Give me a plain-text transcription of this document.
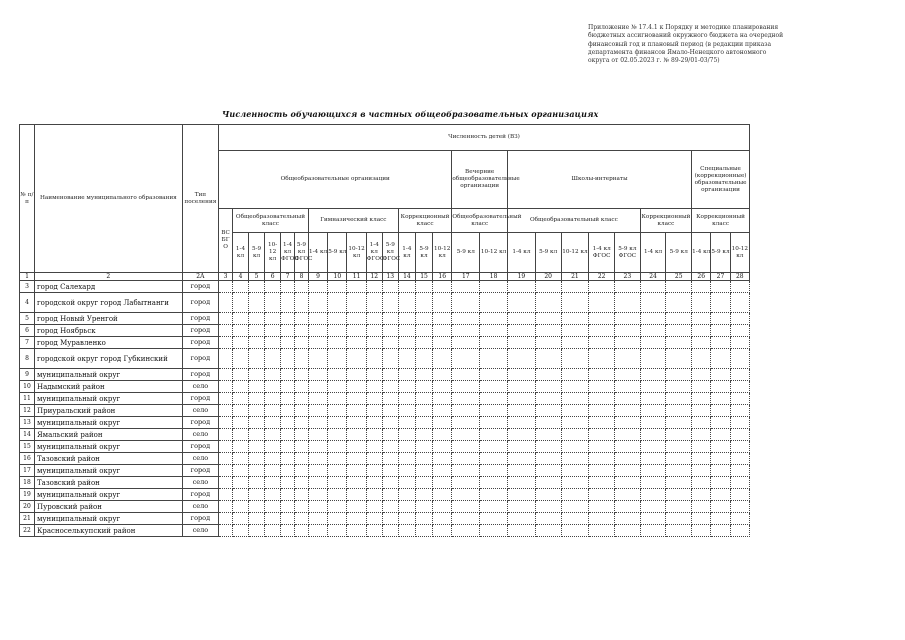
Приложение № 17.4.1 к Порядку и методике планирования бюджетных ассигнований окружного бюджета на очередной финансовый год и плановый период (в редакции приказа департамента финансов Ямало-Ненецкого автономного округа от 02.05.2023 г. № 89-29/01-03/75)
Численность обучающихся в частных общеобразовательных организациях
№ п/п	Наименование муниципального образования	Тип поселения	Численность детей (ВЗ)																									
			Общеобразовательные организации														Вечерние общеобразовательные организации		Школы-интернаты							Специальные (коррекционные) образовательные организации		
			ВС БГ О	Общеобразовательный класс					Гимназический класс					Коррекционный класс			Общеобразовательный класс		Общеобразовательный класс					Коррекционный класс		Коррекционный класс		
				1-4 кл	5-9 кл	10-12 кл	1-4 кл ФГОС	5-9 кл ФГОС	1-4 кл	5-9 кл	10-12 кл	1-4 кл ФГОС	5-9 кл ФГОС	1-4 кл	5-9 кл	10-12 кл	5-9 кл	10-12 кл	1-4 кл	5-9 кл	10-12 кл	1-4 кл ФГОС	5-9 кл ФГОС	1-4 кл	5-9 кл	1-4 кл	5-9 кл	10-12 кл
1	2	2А	3	4	5	6	7	8	9	10	11	12	13	14	15	16	17	18	19	20	21	22	23	24	25	26	27	28
3	город Салехард	город																										
4	городской округ город Лабытнанги	город																										
5	город Новый Уренгой	город																										
6	город Ноябрьск	город																										
7	город Муравленко	город																										
8	городской округ город Губкинский	город																										
9	муниципальный округ	город																										
10	Надымский район	село																										
11	муниципальный округ	город																										
12	Приуральский район	село																										
13	муниципальный округ	город																										
14	Ямальский район	село																										
15	муниципальный округ	город																										
16	Тазовский район	село																										
17	муниципальный округ	город																										
18	Тазовский район	село																										
19	муниципальный округ	город																										
20	Пуровский район	село																										
21	муниципальный округ	город																										
22	Красноселькупский район	село																										
